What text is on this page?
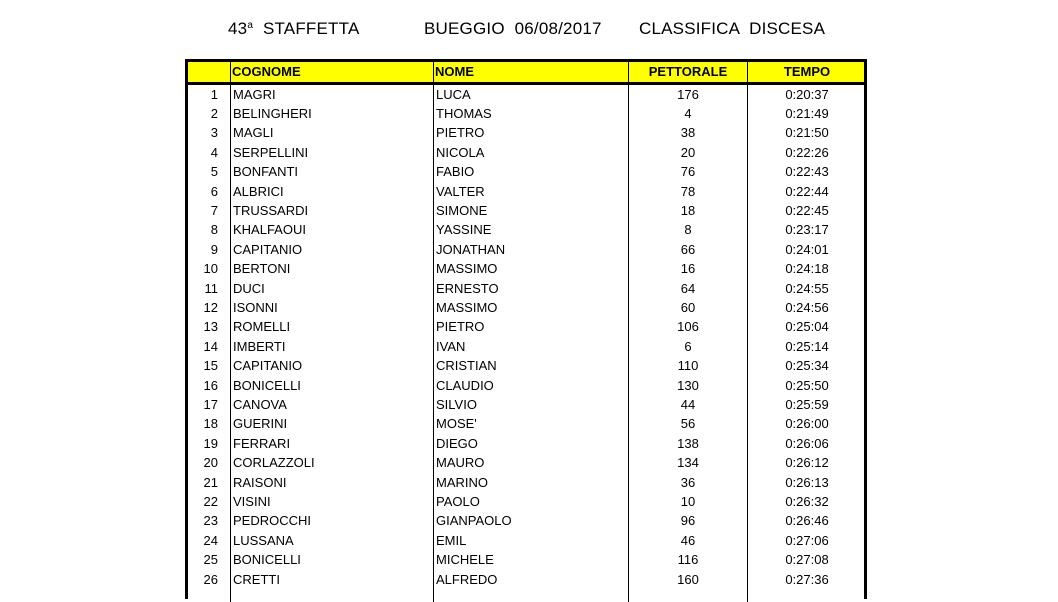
43$^a$ STAFFETTA	BUEGGIO  06/08/2017 CLASSIFICA  DISCESA
COGNOME	NOME	PETTORALE	TEMPO
1 MAGRI	LUCA	176	0:20:37
2 BELINGHERI	THOMAS	4	0:21:49
3 MAGLI	PIETRO	38	0:21:50
4 SERPELLINI	NICOLA	20	0:22:26
5 BONFANTI	FABIO	76	0:22:43
6 ALBRICI	VALTER	78	0:22:44
7 TRUSSARDI	SIMONE	18	0:22:45
8 KHALFAOUI	YASSINE	8	0:23:17
9 CAPITANIO	JONATHAN	66	0:24:01
10 BERTONI	MASSIMO	16	0:24:18
11 DUCI	ERNESTO	64	0:24:55
12 ISONNI	MASSIMO	60	0:24:56
13 ROMELLI	PIETRO	106	0:25:04
14 IMBERTI	IVAN	6	0:25:14
15 CAPITANIO	CRISTIAN	110	0:25:34
16 BONICELLI	CLAUDIO	130	0:25:50
17 CANOVA	SILVIO	44	0:25:59
18 GUERINI	MOSE'	56	0:26:00
19 FERRARI	DIEGO	138	0:26:06
20 CORLAZZOLI	MAURO	134	0:26:12
21 RAISONI	MARINO	36	0:26:13
22 VISINI	PAOLO	10	0:26:32
23 PEDROCCHI	GIANPAOLO	96	0:26:46
24 LUSSANA	EMIL	46	0:27:06
25 BONICELLI	MICHELE	116	0:27:08
26 CRETTI	ALFREDO	160	0:27:36
